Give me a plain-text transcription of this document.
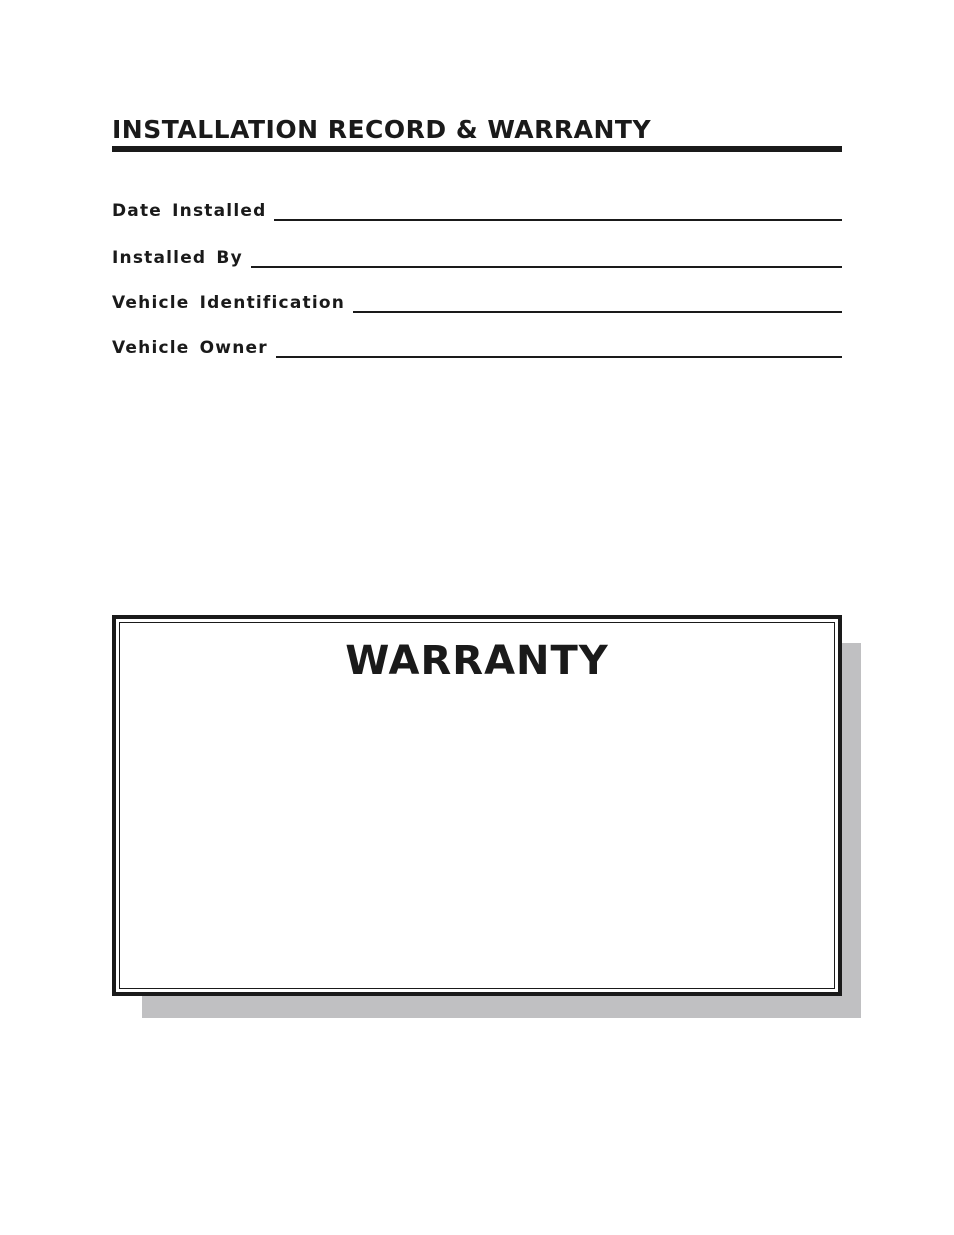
INSTALLATION RECORD & WARRANTY
Date Installed
Installed By
Vehicle Identification
Vehicle Owner
WARRANTY
